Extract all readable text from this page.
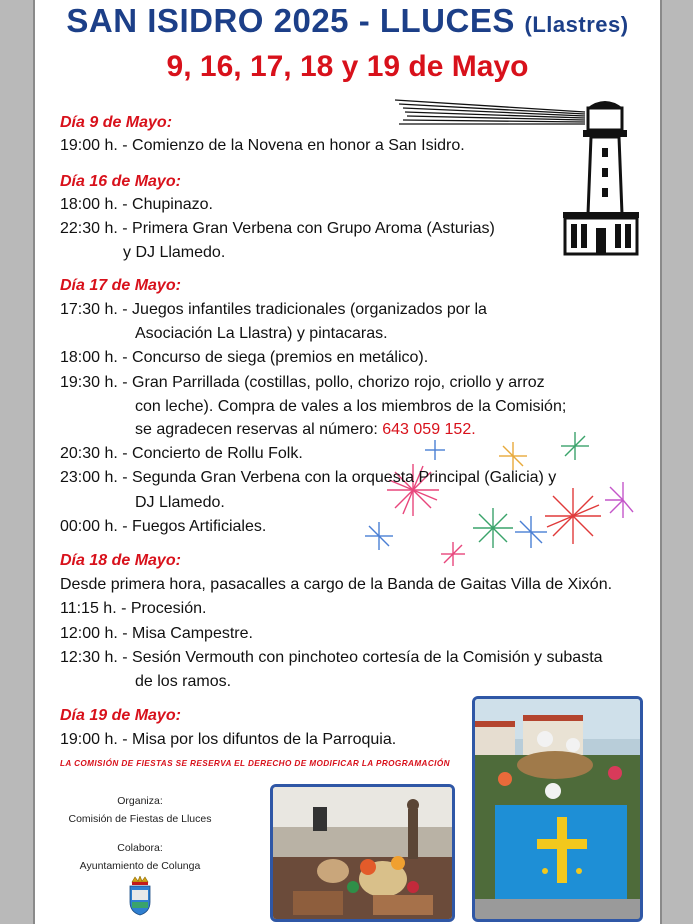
SAN ISIDRO 2025 - LLUCES (Llastres)
9, 16, 17, 18 y 19 de Mayo
Día 9 de Mayo:
19:00 h. - Comienzo de la Novena en honor a San Isidro.
Día 16 de Mayo:
18:00 h. - Chupinazo.
22:30 h. - Primera Gran Verbena con Grupo Aroma (Asturias)
y DJ Llamedo.
Día 17 de Mayo:
17:30 h. - Juegos infantiles tradicionales (organizados por la
Asociación La Llastra) y pintacaras.
18:00 h. - Concurso de siega (premios en metálico).
19:30 h. - Gran Parrillada (costillas, pollo, chorizo rojo, criollo y arroz
con leche). Compra de vales a los miembros de la Comisión;
se agradecen reservas al número: 643 059 152.
20:30 h. - Concierto de Rollu Folk.
23:00 h. - Segunda Gran Verbena con la orquesta Principal (Galicia) y
DJ Llamedo.
00:00 h. - Fuegos Artificiales.
Día 18 de Mayo:
Desde primera hora, pasacalles a cargo de la Banda de Gaitas Villa de Xixón.
11:15 h. - Procesión.
12:00 h. - Misa Campestre.
12:30 h. - Sesión Vermouth con pinchoteo cortesía de la Comisión y subasta
de los ramos.
Día 19 de Mayo:
19:00 h. - Misa por los difuntos de la Parroquia.
LA COMISIÓN DE FIESTAS SE RESERVA EL DERECHO DE MODIFICAR LA PROGRAMACIÓN
Organiza:
Comisión de Fiestas de Lluces
Colabora:
Ayuntamiento de Colunga
